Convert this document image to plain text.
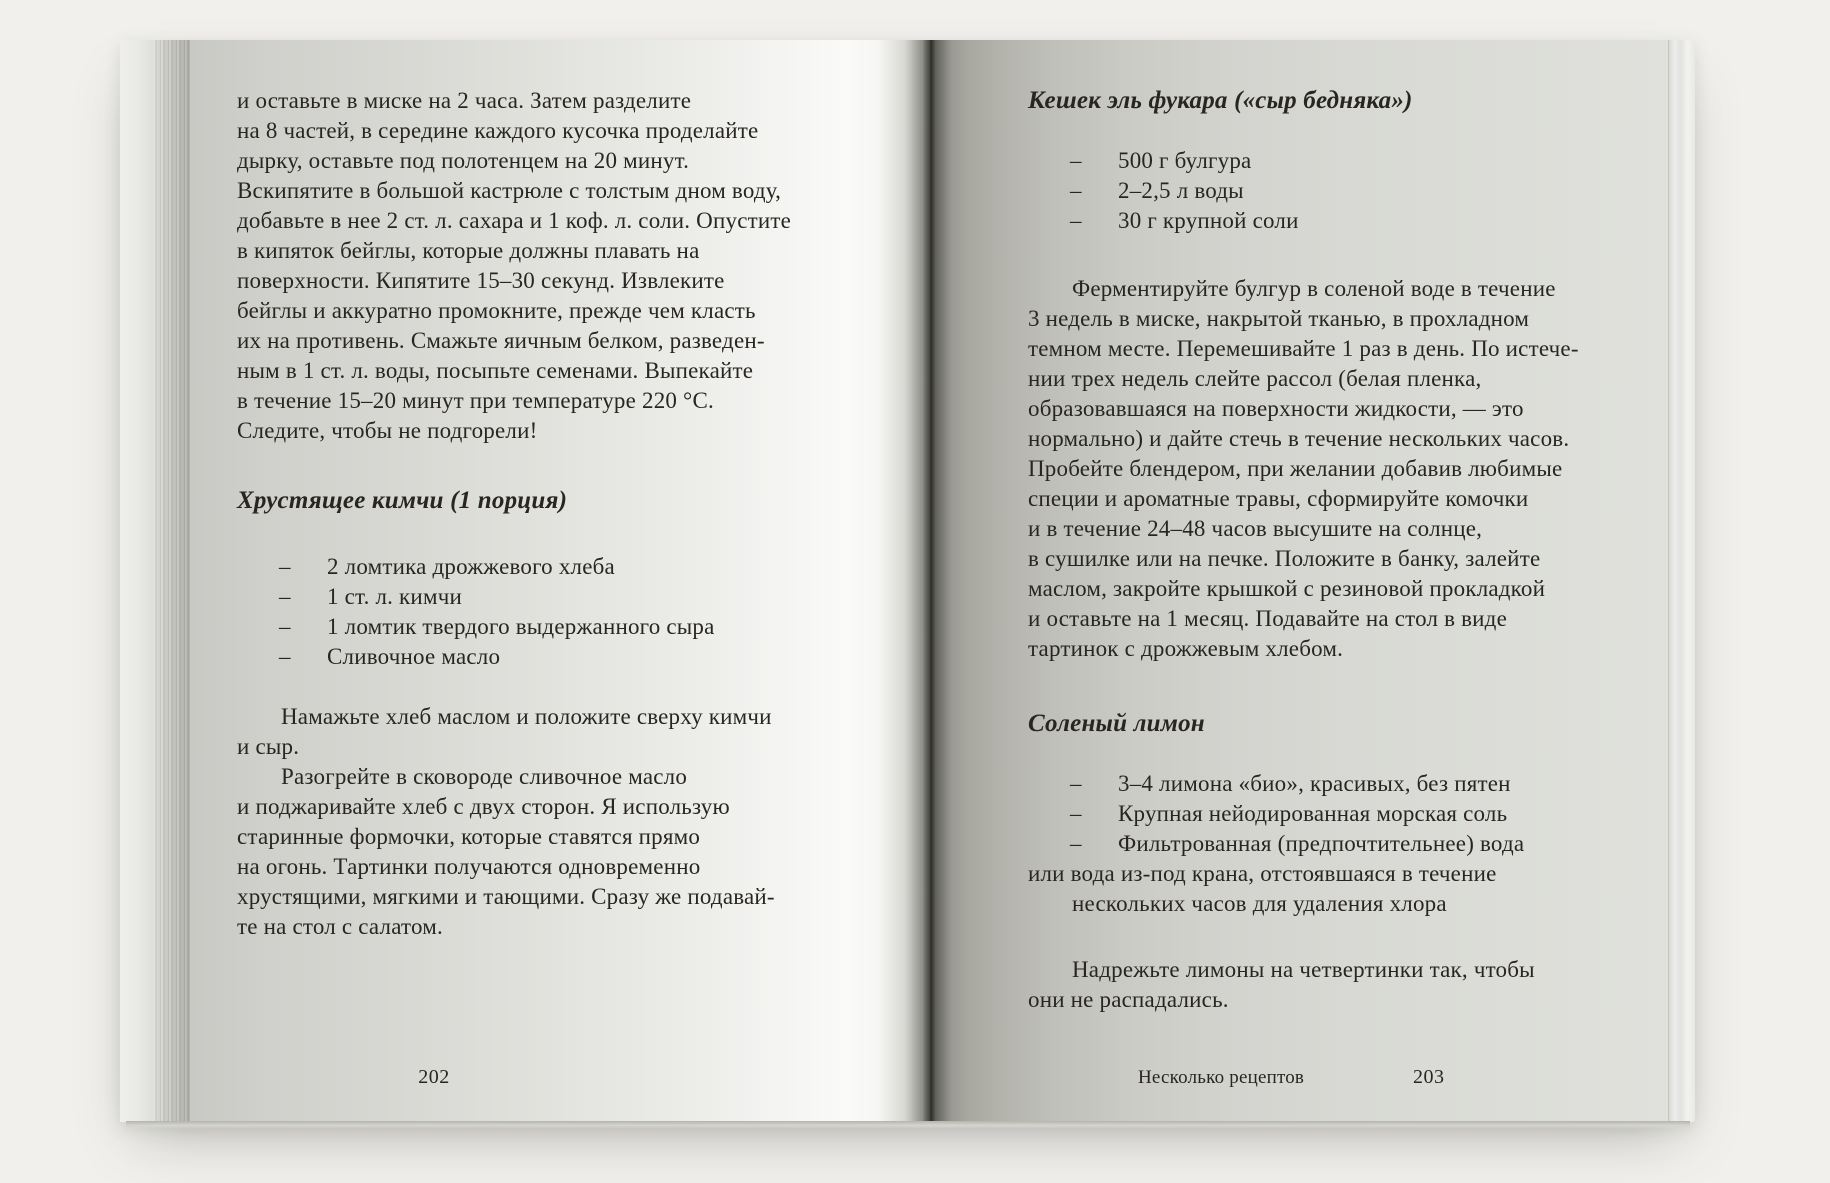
и оставьте в миске на 2 часа. Затем разделите
на 8 частей, в середине каждого кусочка проделайте
дырку, оставьте под полотенцем на 20 минут.
Вскипятите в большой кастрюле с толстым дном воду,
добавьте в нее 2 ст. л. сахара и 1 коф. л. соли. Опустите
в кипяток бейглы, которые должны плавать на
поверхности. Кипятите 15–30 секунд. Извлеките
бейглы и аккуратно промокните, прежде чем класть
их на противень. Смажьте яичным белком, разведен-
ным в 1 ст. л. воды, посыпьте семенами. Выпекайте
в течение 15–20 минут при температуре 220 °С.
Следите, чтобы не подгорели!
Хрустящее кимчи (1 порция)
– 2 ломтика дрожжевого хлеба
– 1 ст. л. кимчи
– 1 ломтик твердого выдержанного сыра
– Сливочное масло
Намажьте хлеб маслом и положите сверху кимчи
и сыр.
Разогрейте в сковороде сливочное масло
и поджаривайте хлеб с двух сторон. Я использую
старинные формочки, которые ставятся прямо
на огонь. Тартинки получаются одновременно
хрустящими, мягкими и тающими. Сразу же подавай-
те на стол с салатом.
202
Кешек эль фукара («сыр бедняка»)
– 500 г булгура
– 2–2,5 л воды
– 30 г крупной соли
Ферментируйте булгур в соленой воде в течение
3 недель в миске, накрытой тканью, в прохладном
темном месте. Перемешивайте 1 раз в день. По истече-
нии трех недель слейте рассол (белая пленка,
образовавшаяся на поверхности жидкости, — это
нормально) и дайте стечь в течение нескольких часов.
Пробейте блендером, при желании добавив любимые
специи и ароматные травы, сформируйте комочки
и в течение 24–48 часов высушите на солнце,
в сушилке или на печке. Положите в банку, залейте
маслом, закройте крышкой с резиновой прокладкой
и оставьте на 1 месяц. Подавайте на стол в виде
тартинок с дрожжевым хлебом.
Соленый лимон
– 3–4 лимона «био», красивых, без пятен
– Крупная нейодированная морская соль
– Фильтрованная (предпочтительнее) вода
или вода из-под крана, отстоявшаяся в течение
нескольких часов для удаления хлора
Надрежьте лимоны на четвертинки так, чтобы
они не распадались.
Несколько рецептов	203
